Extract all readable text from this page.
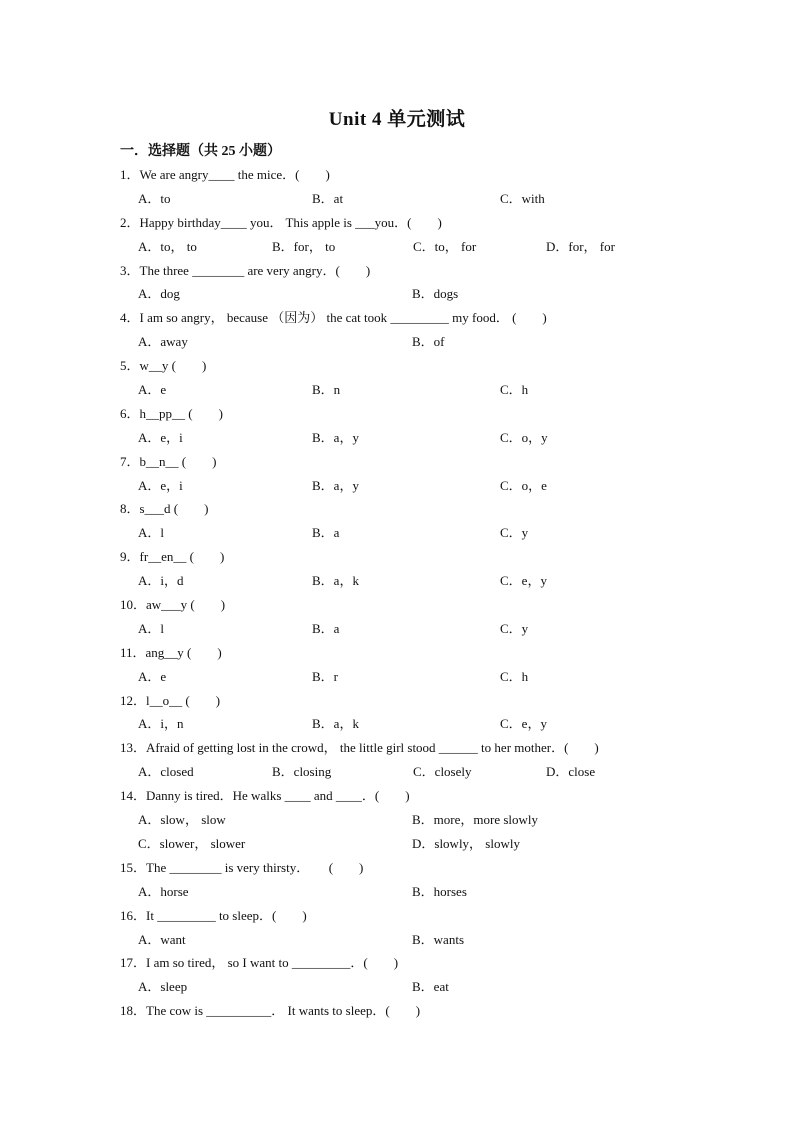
Unit 4 单元测试
一．选择题（共 25 小题）
1．We are angry____ the mice．(　　)
A．to	B．at	C．with
2．Happy birthday____ you． This apple is ___you．(　　)
A．to， to	B．for， to	C．to， for	D．for， for
3．The three ________ are very angry．(　　)
A．dog	B．dogs
4．I am so angry， because （因为） the cat took _________ my food． (　　)
A．away	B．of
5．w__y (　　)
A．e	B．n	C．h
6．h__pp__ (　　)
A．e，i	B．a，y	C．o，y
7．b__n__ (　　)
A．e，i	B．a，y	C．o，e
8．s___d (　　)
A．l	B．a	C．y
9．fr__en__ (　　)
A．i，d	B．a，k	C．e，y
10．aw___y (　　)
A．l	B．a	C．y
11．ang__y (　　)
A．e	B．r	C．h
12．l__o__ (　　)
A．i，n	B．a，k	C．e，y
13．Afraid of getting lost in the crowd， the little girl stood ______ to her mother．(　　)
A．closed	B．closing	C．closely	D．close
14．Danny is tired．He walks ____ and ____．(　　)
A．slow， slow	B．more，more slowly
C．slower， slower	D．slowly， slowly
15．The ________ is very thirsty．　　(　　)
A．horse	B．horses
16．It _________ to sleep．(　　)
A．want	B．wants
17．I am so tired， so I want to _________．(　　)
A．sleep	B．eat
18．The cow is __________． It wants to sleep．(　　)
